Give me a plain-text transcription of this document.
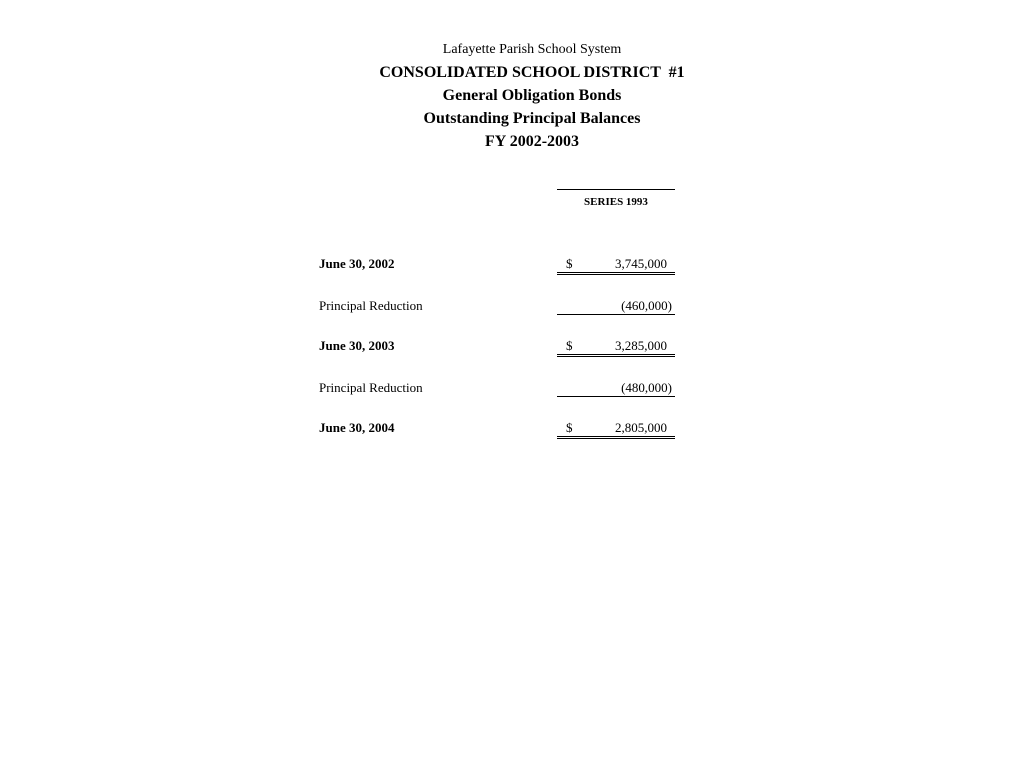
Lafayette Parish School System
CONSOLIDATED SCHOOL DISTRICT  #1
General Obligation Bonds
Outstanding Principal Balances
FY 2002-2003
SERIES 1993
June 30, 2002	$	3,745,000
Principal Reduction	(460,000)
June 30, 2003	$	3,285,000
Principal Reduction	(480,000)
June 30, 2004	$	2,805,000
